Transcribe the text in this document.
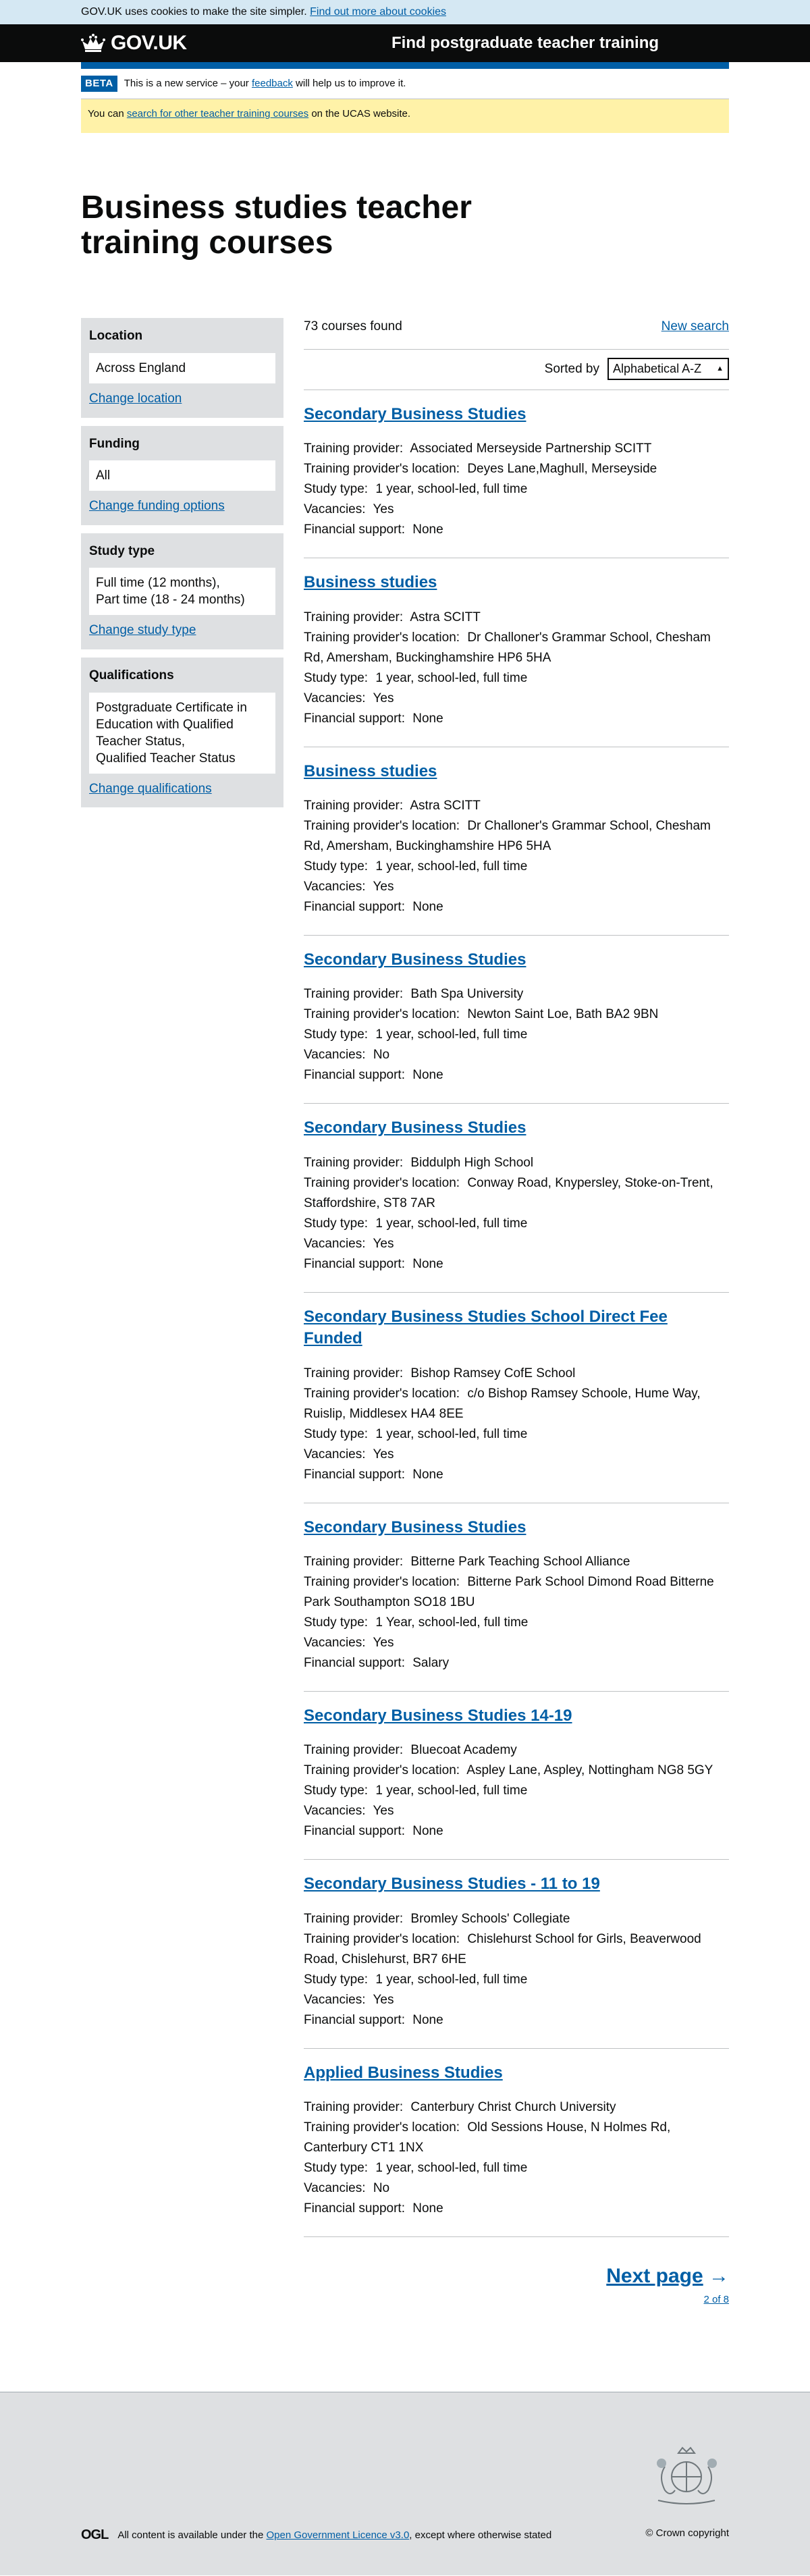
GOV.UK uses cookies to make the site simpler. Find out more about cookies
GOV.UK	Find postgraduate teacher training
BETA	This is a new service – your
feedback
will help us to improve it.
You can search for other teacher training courses on the UCAS website.
Business studies teacher training courses
Location
Across England
Change location
Funding
All
Change funding options
Study type
Full time (12 months),
Part time (18 - 24 months)
Change study type
Qualifications
Postgraduate Certificate in Education with Qualified Teacher Status,
Qualified Teacher Status
Change qualifications
73 courses found	New search
Sorted by Alphabetical A-Z ▲

Secondary Business Studies
Training provider: Associated Merseyside Partnership SCITT
Training provider's location: Deyes Lane,Maghull, Merseyside
Study type: 1 year, school-led, full time
Vacancies: Yes
Financial support: None
Business studies
Training provider: Astra SCITT
Training provider's location: Dr Challoner's Grammar School, Chesham Rd, Amersham, Buckinghamshire HP6 5HA
Study type: 1 year, school-led, full time
Vacancies: Yes
Financial support: None
Business studies
Training provider: Astra SCITT
Training provider's location: Dr Challoner's Grammar School, Chesham Rd, Amersham, Buckinghamshire HP6 5HA
Study type: 1 year, school-led, full time
Vacancies: Yes
Financial support: None
Secondary Business Studies
Training provider: Bath Spa University
Training provider's location: Newton Saint Loe, Bath BA2 9BN
Study type: 1 year, school-led, full time
Vacancies: No
Financial support: None
Secondary Business Studies
Training provider: Biddulph High School
Training provider's location: Conway Road, Knypersley, Stoke-on-Trent, Staffordshire, ST8 7AR
Study type: 1 year, school-led, full time
Vacancies: Yes
Financial support: None
Secondary Business Studies School Direct Fee Funded
Training provider: Bishop Ramsey CofE School
Training provider's location: c/o Bishop Ramsey Schoole, Hume Way, Ruislip, Middlesex HA4 8EE
Study type: 1 year, school-led, full time
Vacancies: Yes
Financial support: None
Secondary Business Studies
Training provider: Bitterne Park Teaching School Alliance
Training provider's location: Bitterne Park School Dimond Road Bitterne Park Southampton SO18 1BU
Study type: 1 Year, school-led, full time
Vacancies: Yes
Financial support: Salary
Secondary Business Studies 14-19
Training provider: Bluecoat Academy
Training provider's location: Aspley Lane, Aspley, Nottingham NG8 5GY
Study type: 1 year, school-led, full time
Vacancies: Yes
Financial support: None
Secondary Business Studies - 11 to 19
Training provider: Bromley Schools' Collegiate
Training provider's location: Chislehurst School for Girls, Beaverwood Road, Chislehurst, BR7 6HE
Study type: 1 year, school-led, full time
Vacancies: Yes
Financial support: None
Applied Business Studies
Training provider: Canterbury Christ Church University
Training provider's location: Old Sessions House, N Holmes Rd, Canterbury CT1 1NX
Study type: 1 year, school-led, full time
Vacancies: No
Financial support: None
Next page →
2 of 8
OGL All content is available under the
Open Government Licence v3.0 , except where otherwise stated	© Crown copyright
